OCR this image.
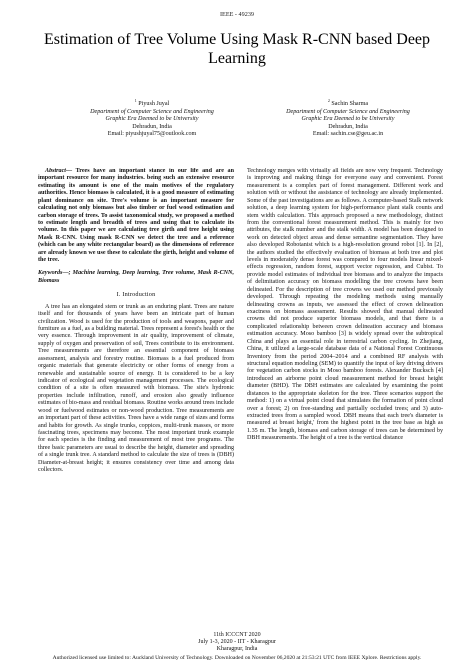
IEEE - 49239
Estimation of Tree Volume Using Mask R-CNN based Deep Learning
$^1$ Piyush Juyal
Department of Computer Science and Engineering
Graphic Era Deemed to be University
Dehradun, India
Email: piyushjuyal75@outlook.com
$^2$ Sachin Sharma
Department of Computer Science and Engineering
Graphic Era Deemed to be University
Dehradun, India
Email: sachin.cse@geu.ac.in

Abstract— Trees have an important stance in our life and are an important resource for many industries. being such an extensive resource estimating its amount is one of the main motives of the regulatory authorities. Hence biomass is calculated, it is a good measure of estimating plant dominance on site. Tree's volume is an important measure for calculating not only biomass but also timber or fuel wood estimation and carbon storage of trees. To assist taxonomical study, we proposed a method to estimate length and breadth of trees and using that to calculate its volume. In this paper we are calculating tree girth and tree height using Mask R-CNN. Using mask R-CNN we detect the tree and a reference (which can be any white rectangular board) as the dimensions of reference are already known we use these to calculate the girth, height and volume of the tree.

Keywords—; Machine learning, Deep learning, Tree volume, Mask R-CNN, Biomass

I. Introduction

A tree has an elongated stem or trunk as an enduring plant. Trees are nature itself and for thousands of years have been an intricate part of human civilization. Wood is used for the production of tools and weapons, paper and furniture as a fuel, as a building material. Trees represent a forest's health or the very essence. Through improvement in air quality, improvement of climate, supply of oxygen and preservation of soil, Trees contribute to its environment. Tree measurements are therefore an essential component of biomass assessment, analysis and forestry routine. Biomass is a fuel produced from organic materials that generate electricity or other forms of energy from a renewable and sustainable source of energy. It is considered to be a key indicator of ecological and vegetation management processes. The ecological condition of a site is often measured with biomass. The site's hydronic properties include infiltration, runoff, and erosion also greatly influence estimates of bio-mass and residual biomass. Routine works around trees include wood or fuelwood estimates or non-wood production. Tree measurements are an important part of these activities. Trees have a wide range of sizes and forms and habits for growth. As single trunks, coppices, multi-trunk masses, or more fascinating trees, specimens may become. The most important trunk example for each species is the finding and measurement of most tree programs. The three basic parameters are usual to describe the height, diameter and spreading of a single trunk tree. A standard method to calculate the size of trees is (DBH) Diameter-at-breast height; it ensures consistency over time and among data collectors.

Technology merges with virtually all fields are now very frequent. Technology is improving and making things for everyone easy and convenient. Forest measurement is a complex part of forest management. Different work and solution with or without the assistance of technology are already implemented. Some of the past investigations are as follows. A computer-based Stalk network solution, a deep learning system for high-performance plant stalk counts and stem width calculation. This approach proposed a new methodology, distinct from the conventional forest measurement method. This is mainly for two attributes, the stalk number and the stalk width. A model has been designed to work on detected object areas and dense semantine segmentation. They have also developed Robotanist which is a high-resolution ground robot [1]. In [2], the authors studied the effectively evaluation of biomass at both tree and plot levels in moderately dense forest was compared to four models linear mixed-effects regression, random forest, support vector regression, and Cubist. To provide model estimates of individual tree biomass and to analyze the impacts of delimitation accuracy on biomass modelling the tree crowns have been delineated. For the description of tree crowns we used our method previously developed. Through repeating the modeling methods using manually delineating crowns as inputs, we assessed the effect of crown delineation exactness on biomass assessment. Results showed that manual delineated crowns did not produce superior biomass models, and that there is a complicated relationship between crown delineation accuracy and biomass estimation accuracy. Moso bamboo [3] is widely spread over the subtropical China and plays an essential role in terrestrial carbon cycling. In Zhejiang, China, it utilized a large-scale database data of a National Forest Continuous Inventory from the period 2004–2014 and a combined RF analysis with structural equation modeling (SEM) to quantify the input of key driving drivers for vegetation carbon stocks in Moso bamboo forests. Alexander Bucksch [4] introduced an airborne point cloud measurement method for breast height diameter (BHD). The DBH estimates are calculated by examining the point distances to the appropriate skeleton for the tree. Three scenarios support the method: 1) on a virtual point cloud that simulates the formation of point cloud over a forest; 2) on free-standing and partially occluded trees; and 3) auto-extracted trees from a sampled wood. DBH means that each tree's diameter is measured at breast height,' from the highest point in the tree base as high as 1.35 m. The length, biomass and carbon storage of trees can be determined by DBH measurements. The height of a tree is the vertical distance

11th ICCCNT 2020
July 1-3, 2020 - IIT - Kharagpur
Kharagpur, India
Authorized licensed use limited to: Auckland University of Technology. Downloaded on November 06,2020 at 21:53:21 UTC from IEEE Xplore. Restrictions apply.
